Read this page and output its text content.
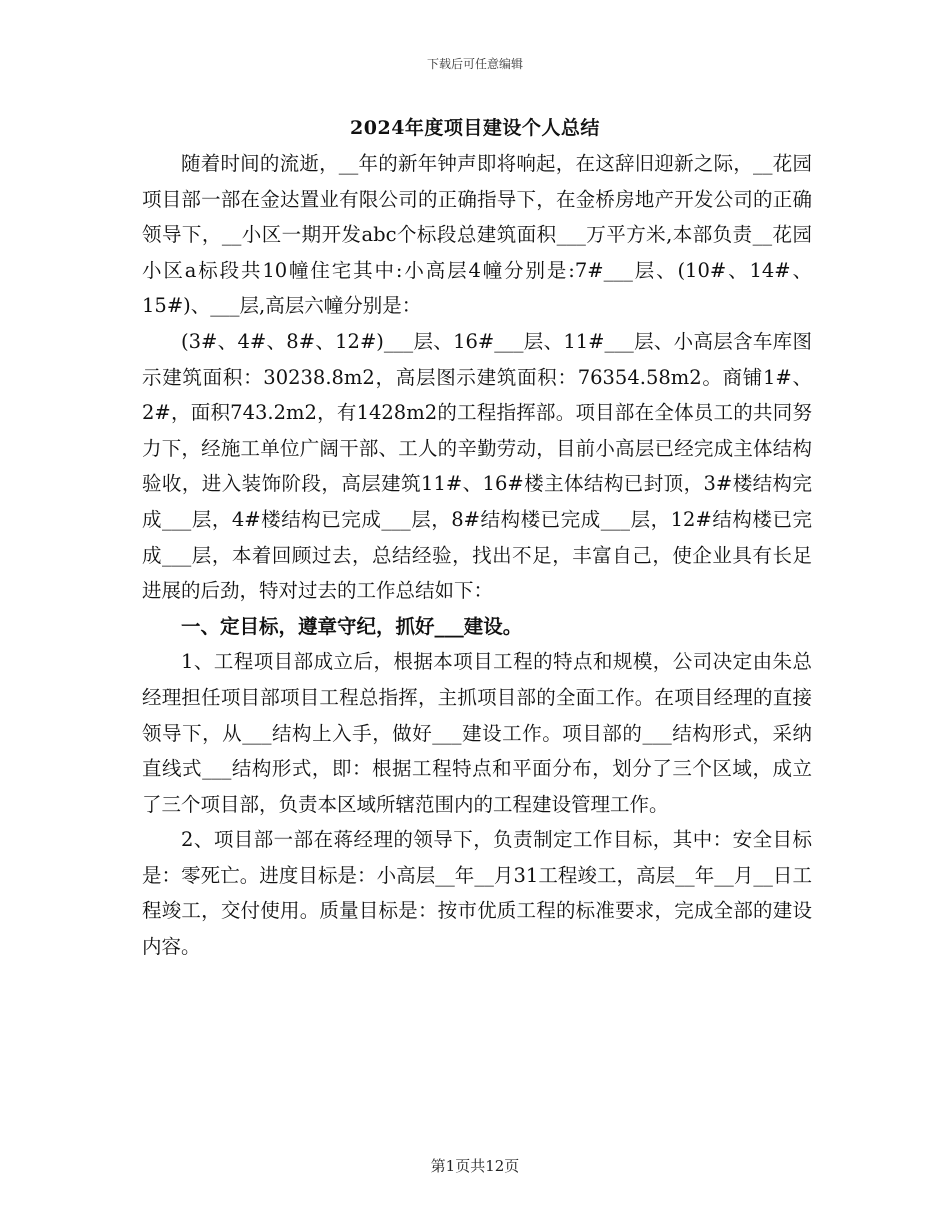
下载后可任意编辑
2024年度项目建设个人总结

随着时间的流逝，__年的新年钟声即将响起，在这辞旧迎新之际，__花园项目部一部在金达置业有限公司的正确指导下，在金桥房地产开发公司的正确领导下，__小区一期开发abc个标段总建筑面积___万平方米,本部负责__花园小区a标段共10幢住宅其中:小高层4幢分别是:7#___层、(10#、14#、15#)、___层,高层六幢分别是：

(3#、4#、8#、12#)___层、16#___层、11#___层、小高层含车库图示建筑面积：30238.8m2，高层图示建筑面积：76354.58m2。商铺1#、2#，面积743.2m2，有1428m2的工程指挥部。项目部在全体员工的共同努力下，经施工单位广阔干部、工人的辛勤劳动，目前小高层已经完成主体结构验收，进入装饰阶段，高层建筑11#、16#楼主体结构已封顶，3#楼结构完成___层，4#楼结构已完成___层，8#结构楼已完成___层，12#结构楼已完成___层，本着回顾过去，总结经验，找出不足，丰富自己，使企业具有长足进展的后劲，特对过去的工作总结如下：

一、定目标，遵章守纪，抓好___建设。

1、工程项目部成立后，根据本项目工程的特点和规模，公司决定由朱总经理担任项目部项目工程总指挥，主抓项目部的全面工作。在项目经理的直接领导下，从___结构上入手，做好___建设工作。项目部的___结构形式，采纳直线式___结构形式，即：根据工程特点和平面分布，划分了三个区域，成立了三个项目部，负责本区域所辖范围内的工程建设管理工作。

2、项目部一部在蒋经理的领导下，负责制定工作目标，其中：安全目标是：零死亡。进度目标是：小高层__年__月31工程竣工，高层__年__月__日工程竣工，交付使用。质量目标是：按市优质工程的标准要求，完成全部的建设内容。

第1页共12页
